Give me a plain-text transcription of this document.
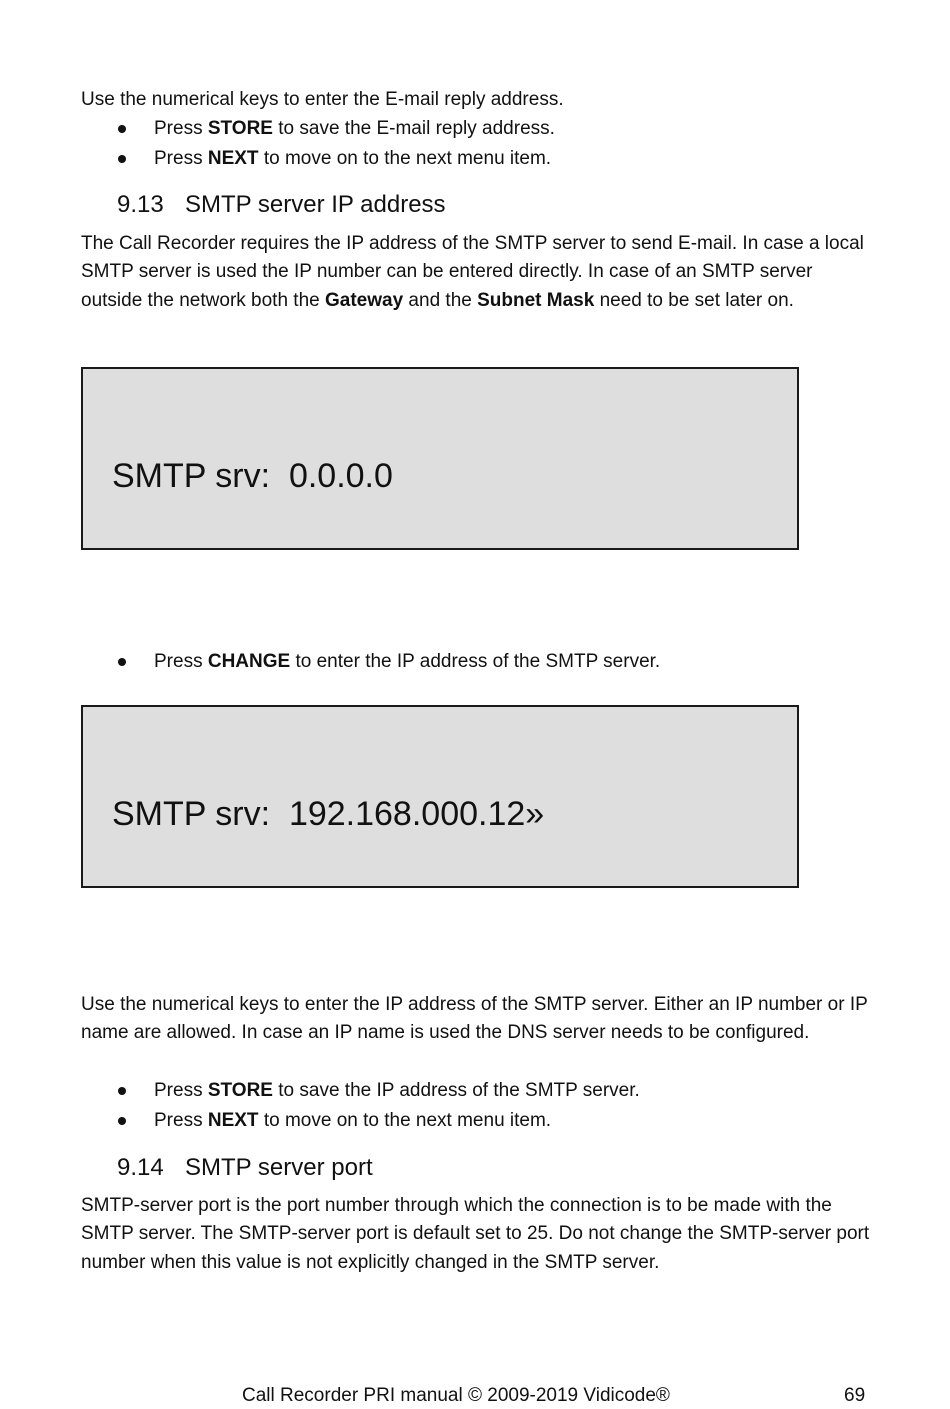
Use the numerical keys to enter the E-mail reply address.

Press STORE to save the E-mail reply address.
Press NEXT to move on to the next menu item.
9.13 SMTP server IP address

The Call Recorder requires the IP address of the SMTP server to send E-mail. In case a local SMTP server is used the IP number can be entered directly. In case of an SMTP server outside the network both the Gateway and the Subnet Mask need to be set later on.

SMTP srv:  0.0.0.0
Press CHANGE to enter the IP address of the SMTP server.
SMTP srv:  192.168.000.12»

Use the numerical keys to enter the IP address of the SMTP server. Either an IP number or IP name are allowed. In case an IP name is used the DNS server needs to be configured.

Press STORE to save the IP address of the SMTP server.
Press NEXT to move on to the next menu item.
9.14 SMTP server port

SMTP-server port is the port number through which the connection is to be made with the SMTP server. The SMTP-server port is default set to 25. Do not change the SMTP-server port number when this value is not explicitly changed in the SMTP server.

Call Recorder PRI manual © 2009-2019 Vidicode®	69
